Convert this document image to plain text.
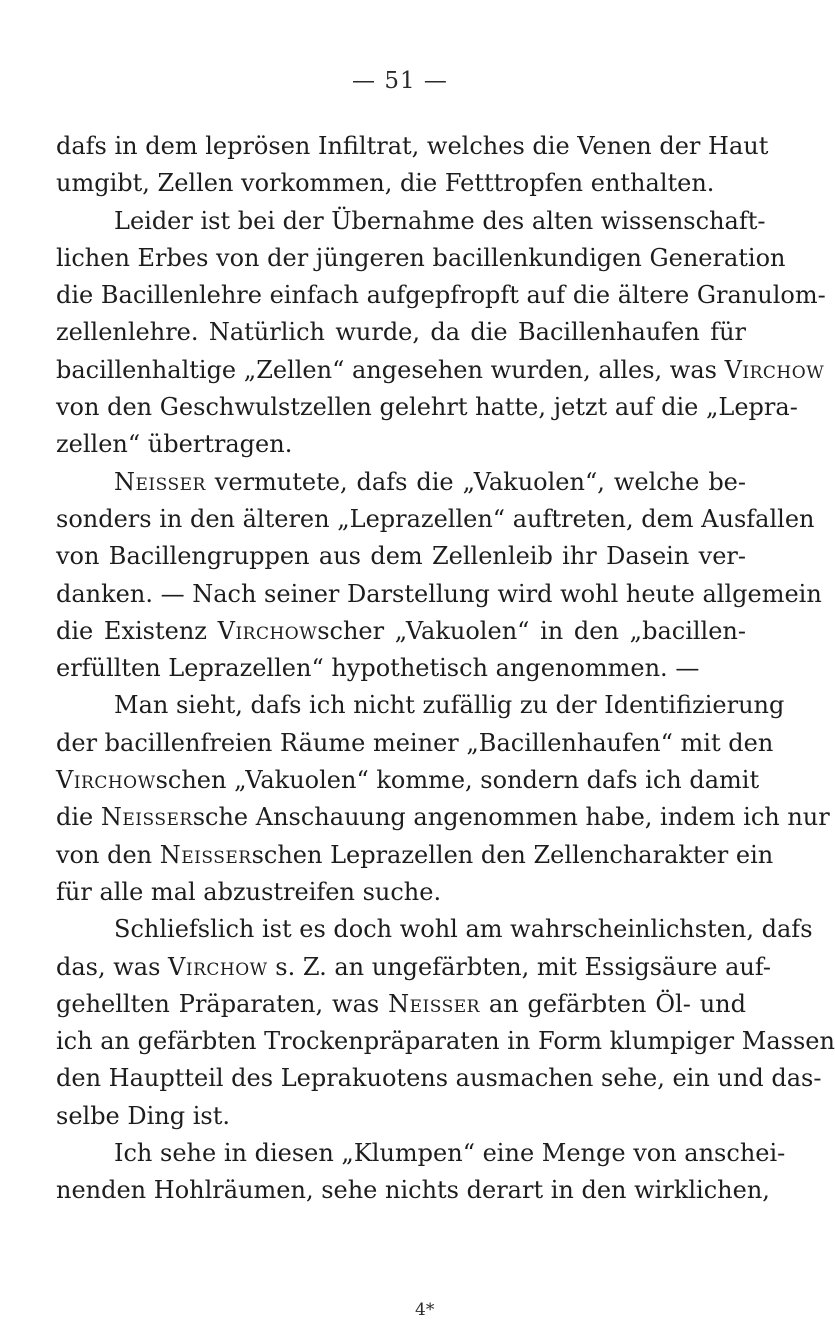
— 51 —
dafs in dem leprösen Infiltrat, welches die Venen der Haut
umgibt, Zellen vorkommen, die Fetttropfen enthalten.
Leider ist bei der Übernahme des alten wissenschaft-
lichen Erbes von der jüngeren bacillenkundigen Generation
die Bacillenlehre einfach aufgepfropft auf die ältere Granulom-
zellenlehre. Natürlich wurde, da die Bacillenhaufen für
bacillenhaltige „Zellen“ angesehen wurden, alles, was Virchow
von den Geschwulstzellen gelehrt hatte, jetzt auf die „Lepra-
zellen“ übertragen.
Neisser vermutete, dafs die „Vakuolen“, welche be-
sonders in den älteren „Leprazellen“ auftreten, dem Ausfallen
von Bacillengruppen aus dem Zellenleib ihr Dasein ver-
danken. — Nach seiner Darstellung wird wohl heute allgemein
die Existenz Virchowscher „Vakuolen“ in den „bacillen-
erfüllten Leprazellen“ hypothetisch angenommen. —
Man sieht, dafs ich nicht zufällig zu der Identifizierung
der bacillenfreien Räume meiner „Bacillenhaufen“ mit den
Virchowschen „Vakuolen“ komme, sondern dafs ich damit
die Neissersche Anschauung angenommen habe, indem ich nur
von den Neisserschen Leprazellen den Zellencharakter ein
für alle mal abzustreifen suche.
Schliefslich ist es doch wohl am wahrscheinlichsten, dafs
das, was Virchow s. Z. an ungefärbten, mit Essigsäure auf-
gehellten Präparaten, was Neisser an gefärbten Öl- und
ich an gefärbten Trockenpräparaten in Form klumpiger Massen
den Hauptteil des Leprakuotens ausmachen sehe, ein und das-
selbe Ding ist.
Ich sehe in diesen „Klumpen“ eine Menge von anschei-
nenden Hohlräumen, sehe nichts derart in den wirklichen,
4*
